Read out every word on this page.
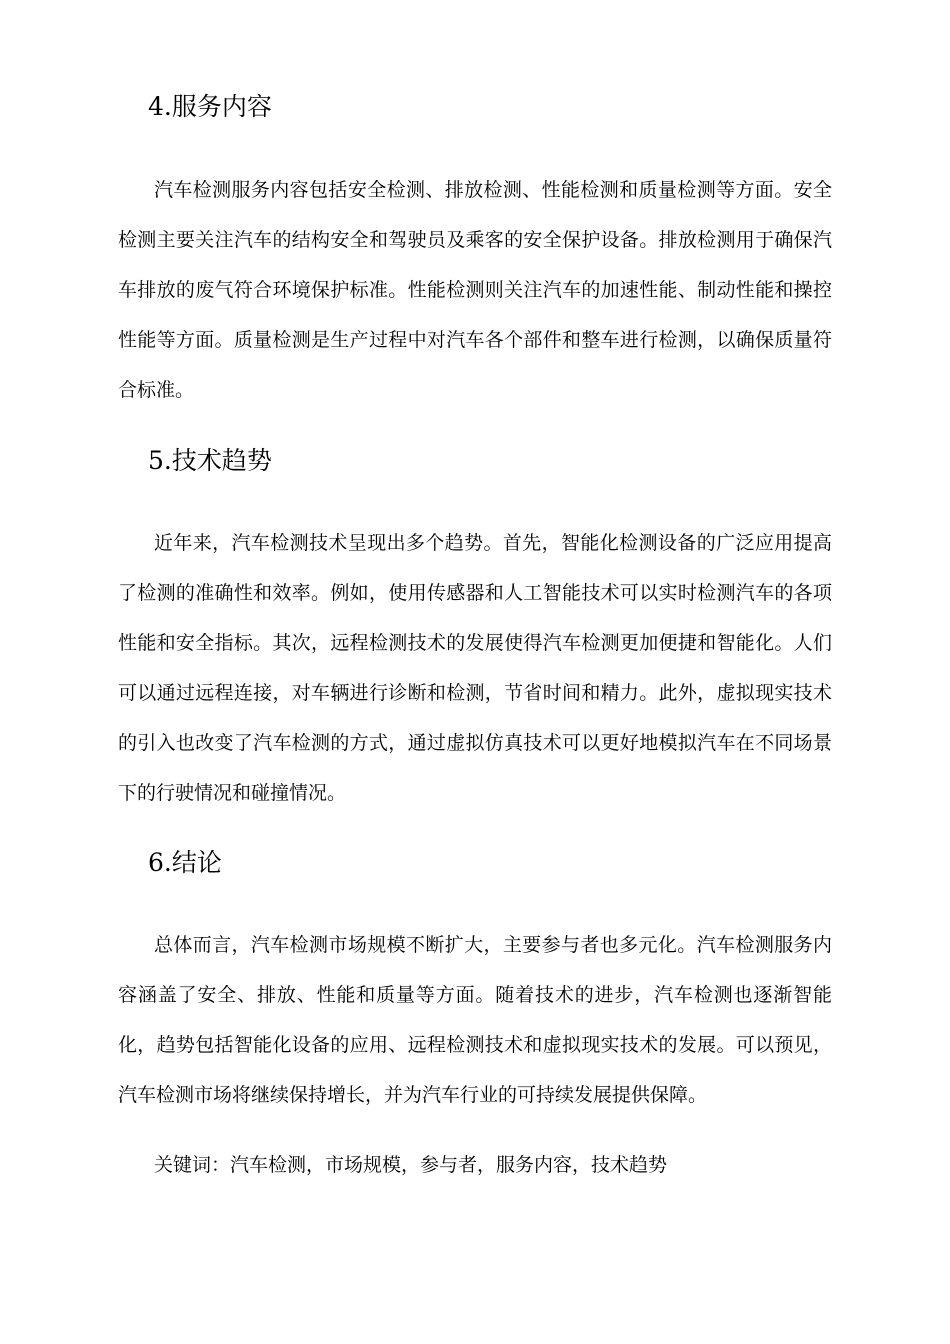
4.服务内容

汽车检测服务内容包括安全检测、排放检测、性能检测和质量检测等方面。安全检测主要关注汽车的结构安全和驾驶员及乘客的安全保护设备。排放检测用于确保汽车排放的废气符合环境保护标准。性能检测则关注汽车的加速性能、制动性能和操控性能等方面。质量检测是生产过程中对汽车各个部件和整车进行检测，以确保质量符合标准。

5.技术趋势

近年来，汽车检测技术呈现出多个趋势。首先，智能化检测设备的广泛应用提高了检测的准确性和效率。例如，使用传感器和人工智能技术可以实时检测汽车的各项性能和安全指标。其次，远程检测技术的发展使得汽车检测更加便捷和智能化。人们可以通过远程连接，对车辆进行诊断和检测，节省时间和精力。此外，虚拟现实技术的引入也改变了汽车检测的方式，通过虚拟仿真技术可以更好地模拟汽车在不同场景下的行驶情况和碰撞情况。

6.结论

总体而言，汽车检测市场规模不断扩大，主要参与者也多元化。汽车检测服务内容涵盖了安全、排放、性能和质量等方面。随着技术的进步，汽车检测也逐渐智能化，趋势包括智能化设备的应用、远程检测技术和虚拟现实技术的发展。可以预见，汽车检测市场将继续保持增长，并为汽车行业的可持续发展提供保障。

关键词：汽车检测，市场规模，参与者，服务内容，技术趋势
